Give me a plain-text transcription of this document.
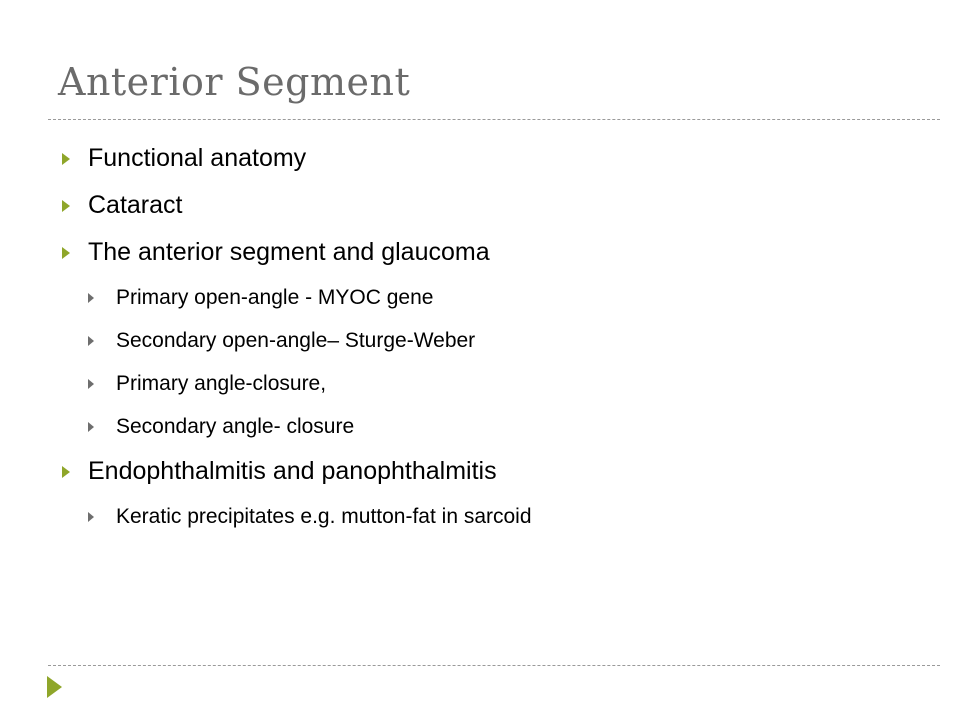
Anterior Segment
Functional anatomy
Cataract
The anterior segment and glaucoma
Primary open-angle - MYOC gene
Secondary open-angle– Sturge-Weber
Primary angle-closure,
Secondary angle- closure
Endophthalmitis and panophthalmitis
Keratic precipitates e.g. mutton-fat in sarcoid
